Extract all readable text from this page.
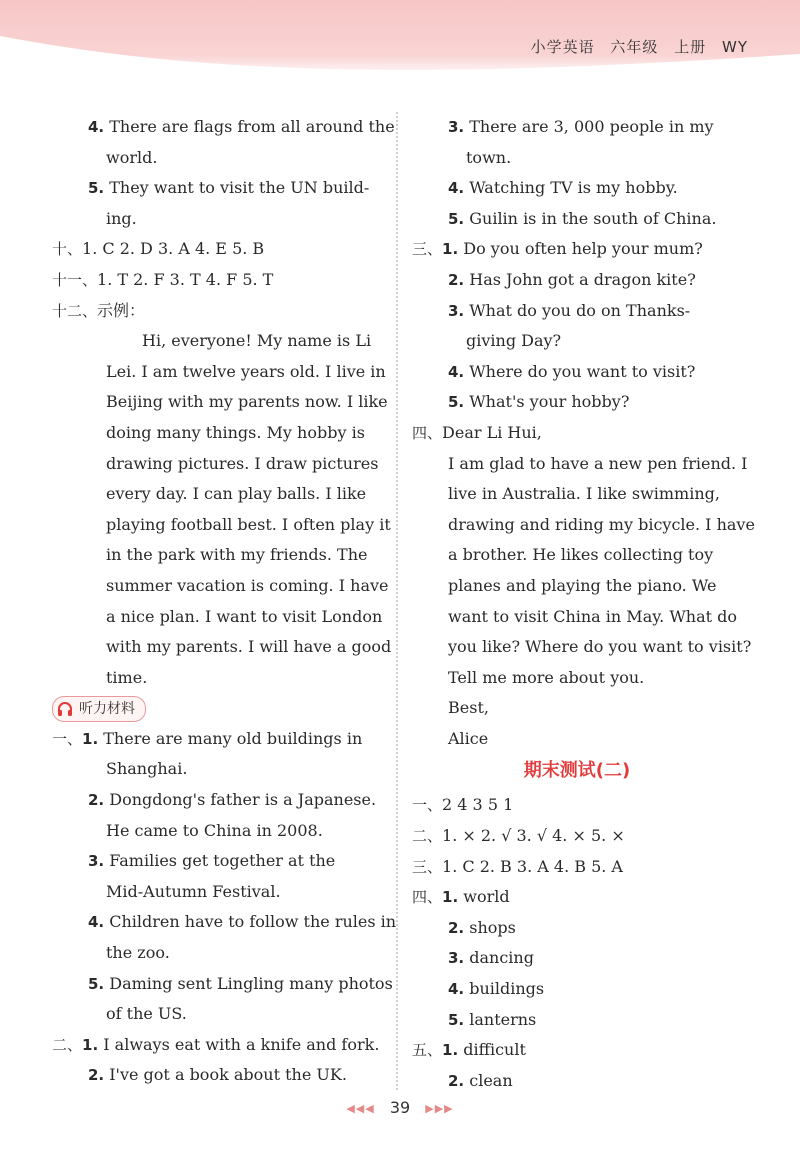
小学英语 六年级 上册 WY
4. There are flags from all around the
world.
5. They want to visit the UN build-
ing.
十、1. C 2. D 3. A 4. E 5. B
十一、1. T 2. F 3. T 4. F 5. T
十二、示例：
Hi, everyone! My name is Li
Lei. I am twelve years old. I live in
Beijing with my parents now. I like
doing many things. My hobby is
drawing pictures. I draw pictures
every day. I can play balls. I like
playing football best. I often play it
in the park with my friends. The
summer vacation is coming. I have
a nice plan. I want to visit London
with my parents. I will have a good
time.
听力材料
一、1. There are many old buildings in
Shanghai.
2. Dongdong's father is a Japanese.
He came to China in 2008.
3. Families get together at the
Mid-Autumn Festival.
4. Children have to follow the rules in
the zoo.
5. Daming sent Lingling many photos
of the US.
二、1. I always eat with a knife and fork.
2. I've got a book about the UK.
3. There are 3, 000 people in my
town.
4. Watching TV is my hobby.
5. Guilin is in the south of China.
三、1. Do you often help your mum?
2. Has John got a dragon kite?
3. What do you do on Thanks-
giving Day?
4. Where do you want to visit?
5. What's your hobby?
四、Dear Li Hui,
I am glad to have a new pen friend. I
live in Australia. I like swimming,
drawing and riding my bicycle. I have
a brother. He likes collecting toy
planes and playing the piano. We
want to visit China in May. What do
you like? Where do you want to visit?
Tell me more about you.
Best,
Alice
期末测试(二)
一、2 4 3 5 1
二、1. × 2. √ 3. √ 4. × 5. ×
三、1. C 2. B 3. A 4. B 5. A
四、1. world
2. shops
3. dancing
4. buildings
5. lanterns
五、1. difficult
2. clean
◀◀◀ 39 ▶▶▶
